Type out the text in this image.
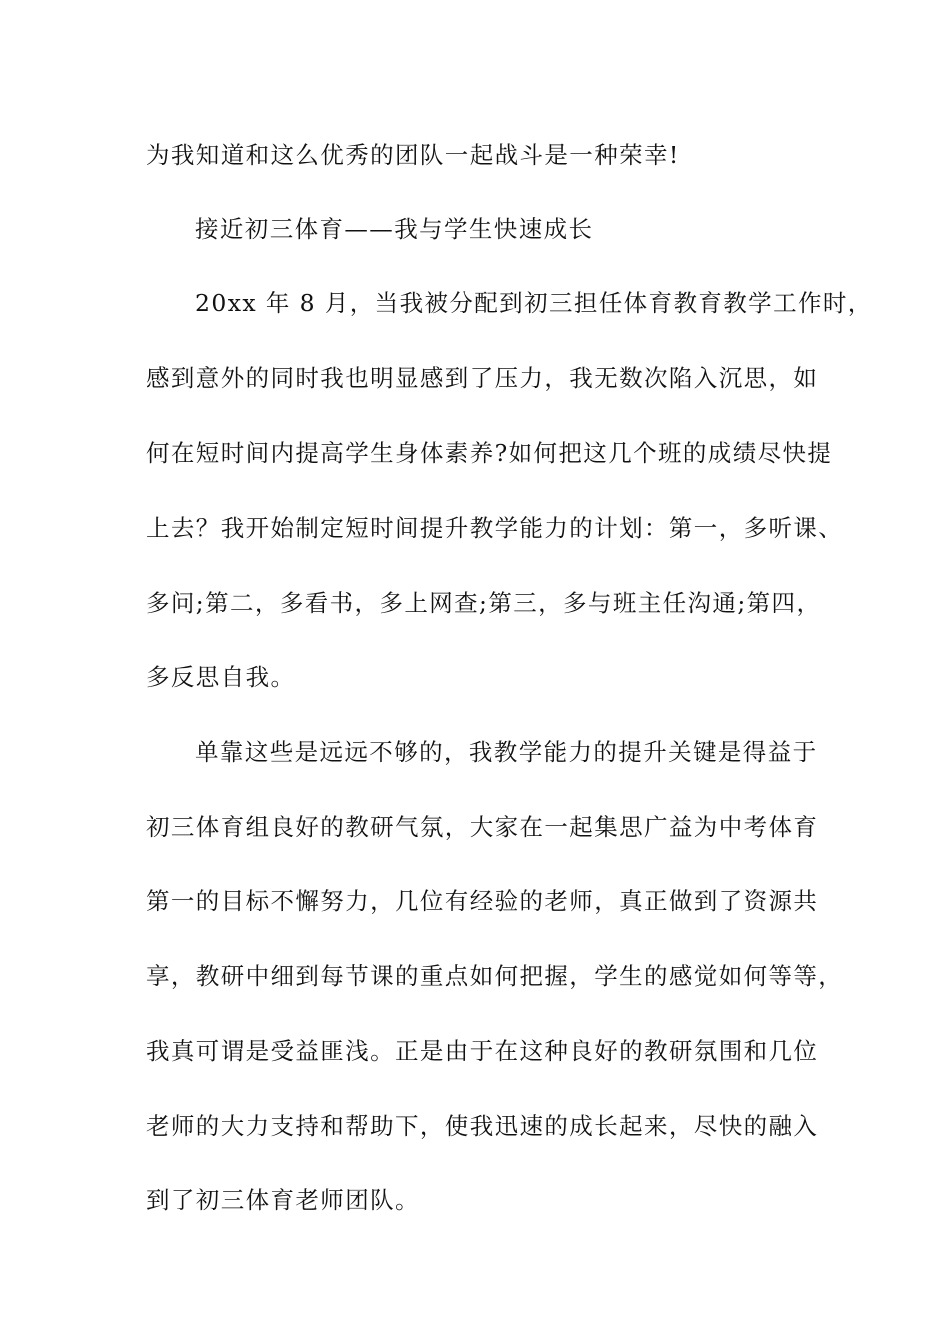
为我知道和这么优秀的团队一起战斗是一种荣幸!
接近初三体育——我与学生快速成长
20xx 年 8 月，当我被分配到初三担任体育教育教学工作时，
感到意外的同时我也明显感到了压力，我无数次陷入沉思，如
何在短时间内提高学生身体素养?如何把这几个班的成绩尽快提
上去？我开始制定短时间提升教学能力的计划：第一，多听课、
多问;第二，多看书，多上网查;第三，多与班主任沟通;第四，
多反思自我。
单靠这些是远远不够的，我教学能力的提升关键是得益于
初三体育组良好的教研气氛，大家在一起集思广益为中考体育
第一的目标不懈努力，几位有经验的老师，真正做到了资源共
享，教研中细到每节课的重点如何把握，学生的感觉如何等等，
我真可谓是受益匪浅。正是由于在这种良好的教研氛围和几位
老师的大力支持和帮助下，使我迅速的成长起来，尽快的融入
到了初三体育老师团队。
